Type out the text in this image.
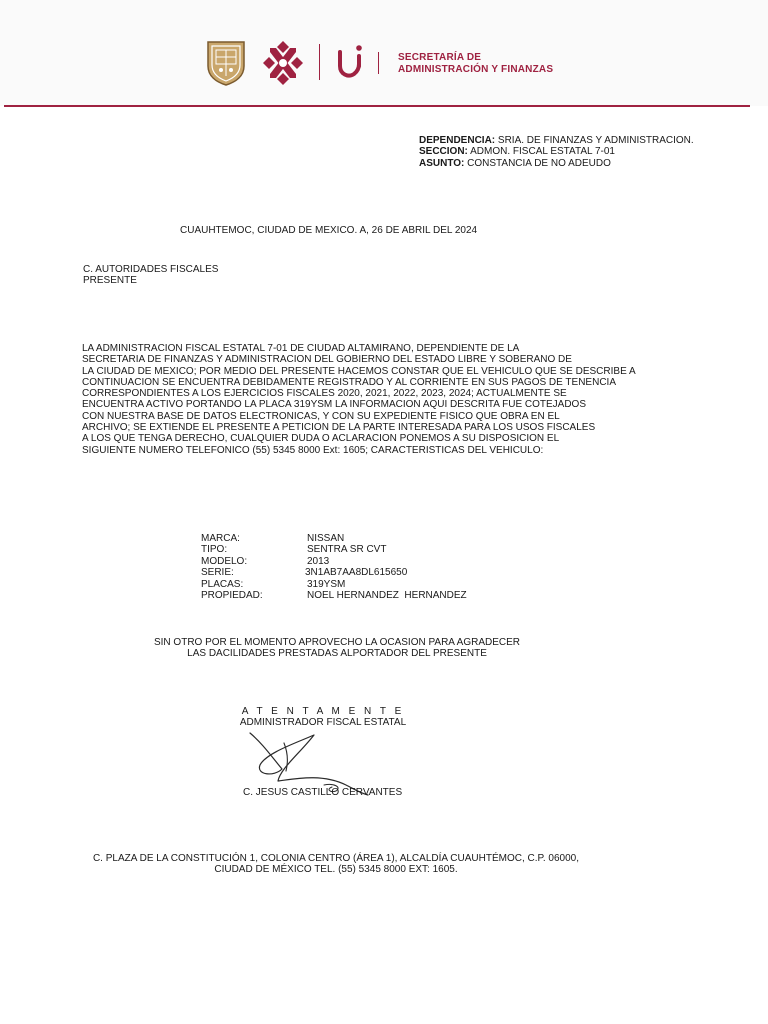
SECRETARÍA DE
ADMINISTRACIÓN Y FINANZAS
DEPENDENCIA: SRIA. DE FINANZAS Y ADMINISTRACION.
SECCION: ADMON. FISCAL ESTATAL 7-01
ASUNTO: CONSTANCIA DE NO ADEUDO
CUAUHTEMOC, CIUDAD DE MEXICO. A, 26 DE ABRIL DEL 2024
C. AUTORIDADES FISCALES
PRESENTE
LA ADMINISTRACION FISCAL ESTATAL 7-01 DE CIUDAD ALTAMIRANO, DEPENDIENTE DE LA
SECRETARIA DE FINANZAS Y ADMINISTRACION DEL GOBIERNO DEL ESTADO LIBRE Y SOBERANO DE
LA CIUDAD DE MEXICO; POR MEDIO DEL PRESENTE HACEMOS CONSTAR QUE EL VEHICULO QUE SE DESCRIBE A
CONTINUACION SE ENCUENTRA DEBIDAMENTE REGISTRADO Y AL CORRIENTE EN SUS PAGOS DE TENENCIA
CORRESPONDIENTES A LOS EJERCICIOS FISCALES 2020, 2021, 2022, 2023, 2024; ACTUALMENTE SE
ENCUENTRA ACTIVO PORTANDO LA PLACA 319YSM LA INFORMACION AQUI DESCRITA FUE COTEJADOS
CON NUESTRA BASE DE DATOS ELECTRONICAS, Y CON SU EXPEDIENTE FISICO QUE OBRA EN EL
ARCHIVO; SE EXTIENDE EL PRESENTE A PETICION DE LA PARTE INTERESADA PARA LOS USOS FISCALES
A LOS QUE TENGA DERECHO, CUALQUIER DUDA O ACLARACION PONEMOS A SU DISPOSICION EL
SIGUIENTE NUMERO TELEFONICO (55) 5345 8000 Ext: 1605; CARACTERISTICAS DEL VEHICULO:
MARCA:	NISSAN
TIPO:	SENTRA SR CVT
MODELO:	2013
SERIE:	3N1AB7AA8DL615650
PLACAS:	319YSM
PROPIEDAD:	NOEL HERNANDEZ  HERNANDEZ
SIN OTRO POR EL MOMENTO APROVECHO LA OCASION PARA AGRADECER
LAS DACILIDADES PRESTADAS ALPORTADOR DEL PRESENTE
A T E N T A M E N T E
ADMINISTRADOR FISCAL ESTATAL
C. JESUS CASTILLO CERVANTES
C. PLAZA DE LA CONSTITUCIÓN 1, COLONIA CENTRO (ÁREA 1), ALCALDÍA CUAUHTÉMOC, C.P. 06000,
CIUDAD DE MÉXICO TEL. (55) 5345 8000 EXT: 1605.
